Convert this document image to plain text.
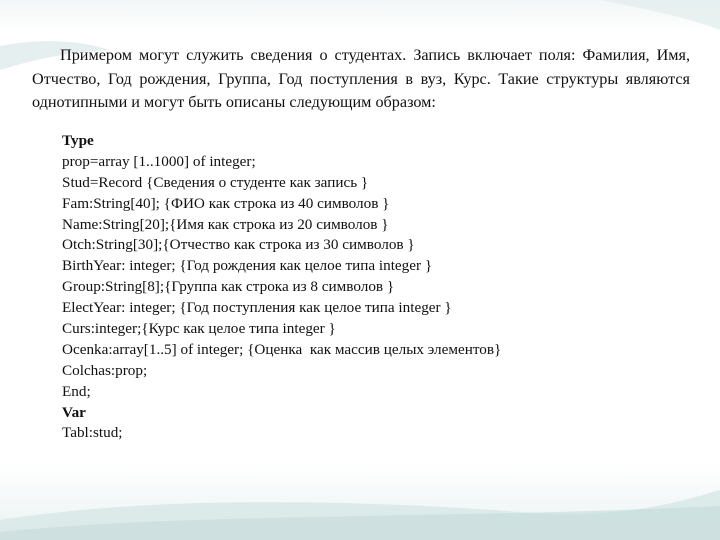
Примером могут служить сведения о студентах. Запись включает поля: Фамилия, Имя, Отчество, Год рождения, Группа, Год поступления в вуз, Курс. Такие структуры являются однотипными и могут быть описаны следующим образом:

Type
prop=array [1..1000] of integer;
Stud=Record {Сведения о студенте как запись }
Fam:String[40]; {ФИО как строка из 40 символов }
Name:String[20];{Имя как строка из 20 символов }
Otch:String[30];{Отчество как строка из 30 символов }
BirthYear: integer; {Год рождения как целое типа integer }
Group:String[8];{Группа как строка из 8 символов }
ElectYear: integer; {Год поступления как целое типа integer }
Curs:integer;{Курс как целое типа integer }
Ocenka:array[1..5] of integer; {Оценка  как массив целых элементов}
Colchas:prop;
End;
Var
Tabl:stud;
